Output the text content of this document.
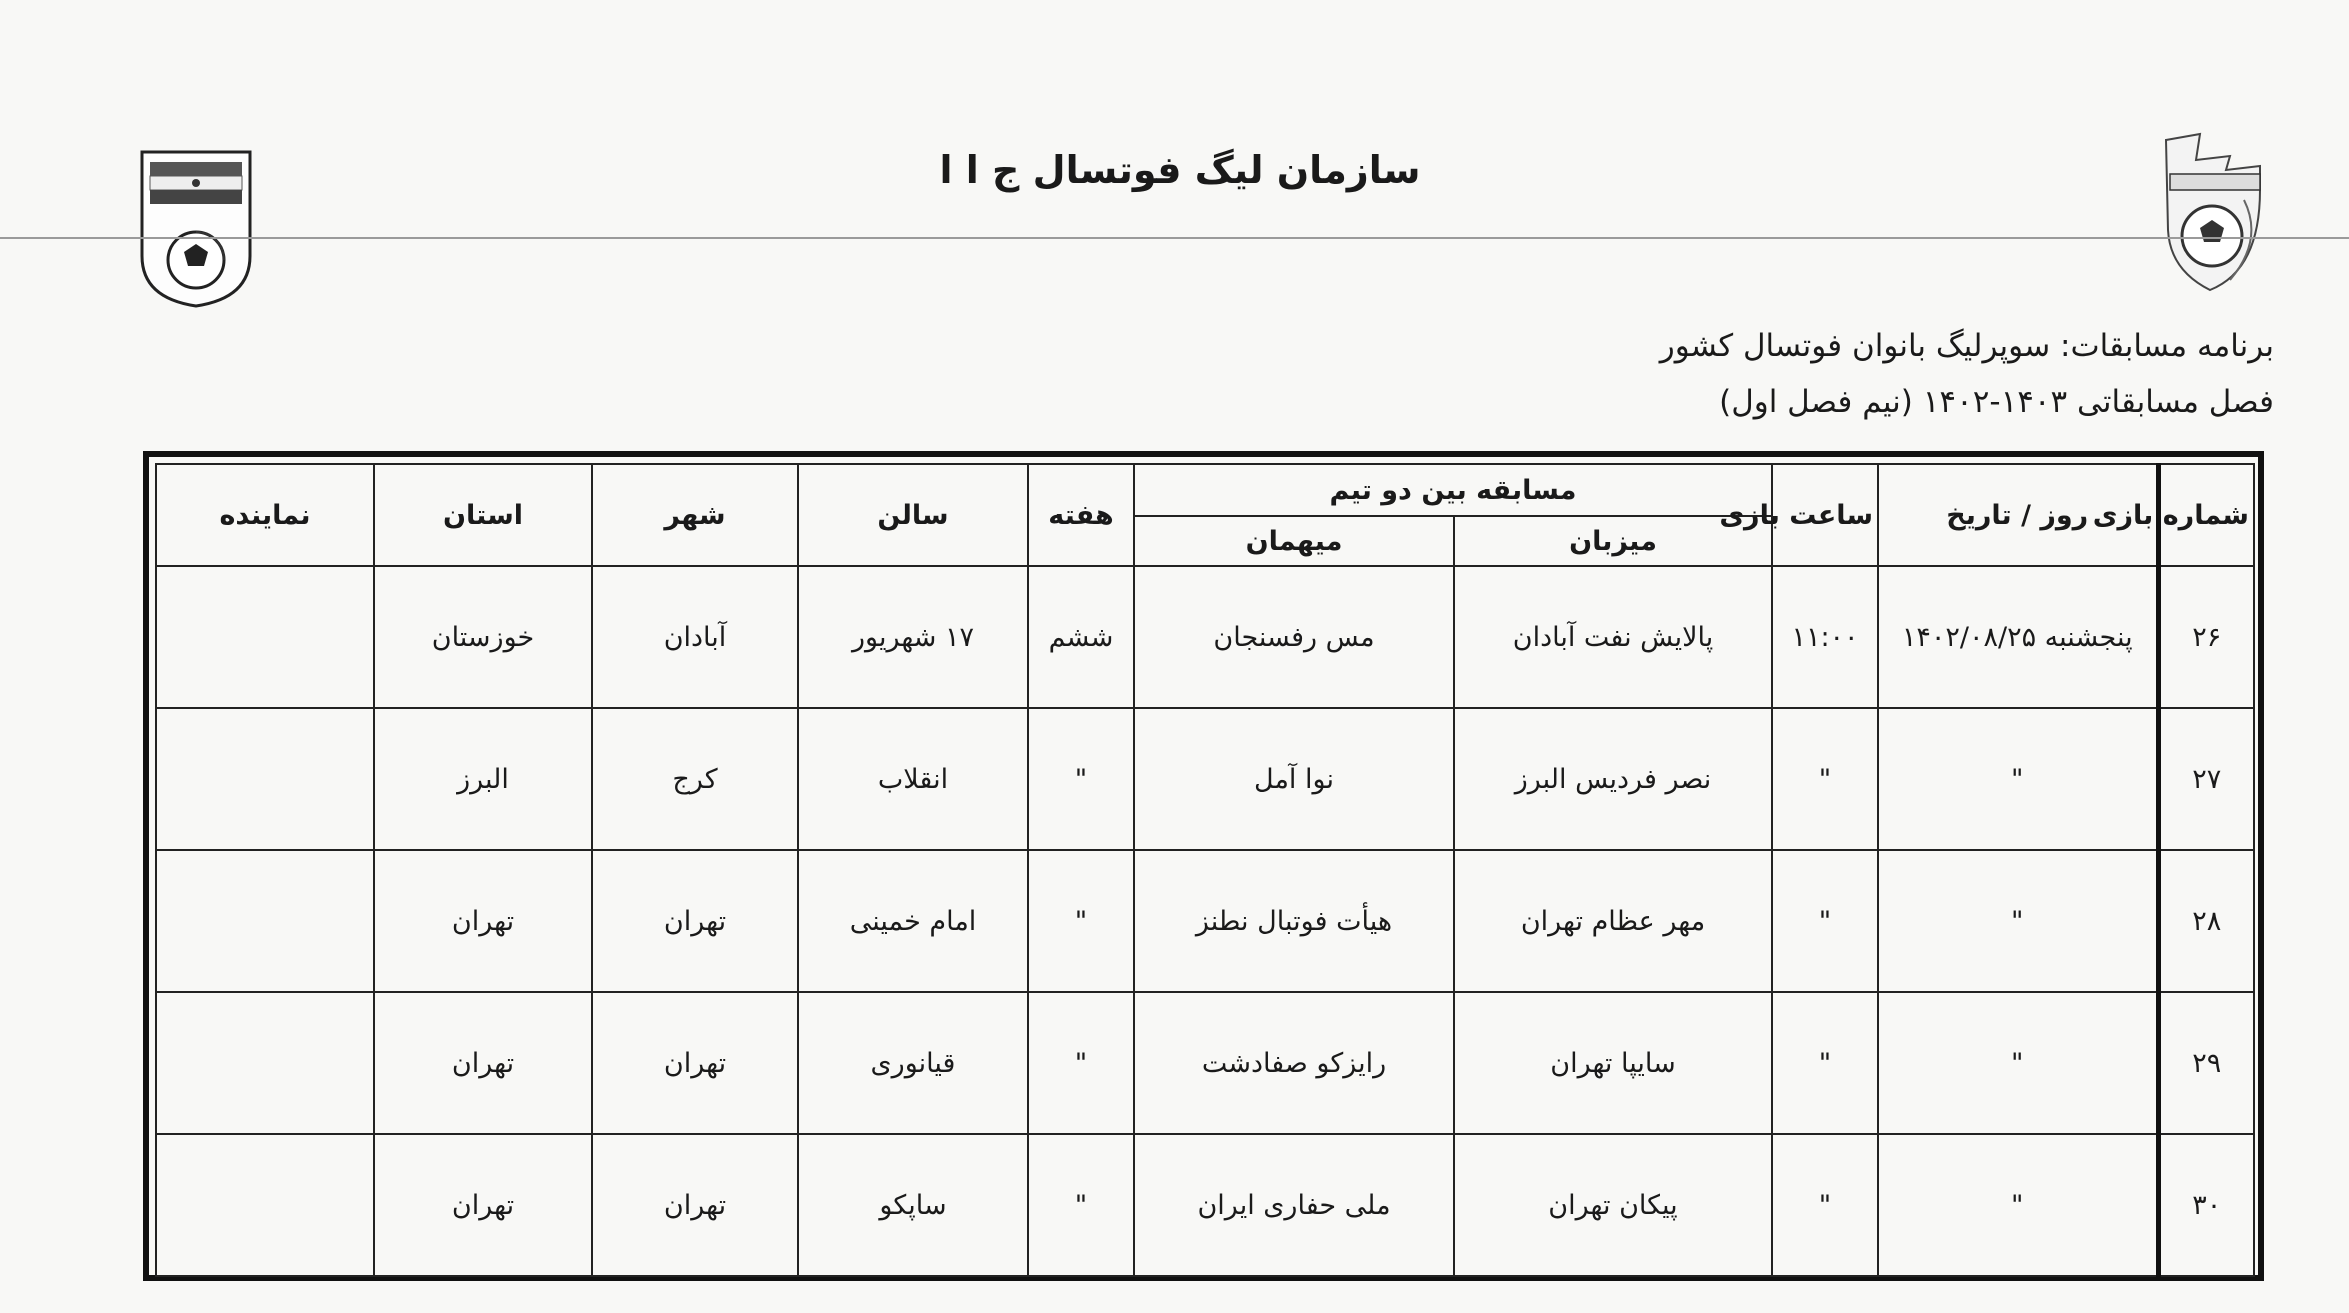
سازمان لیگ فوتسال ج ا ا
برنامه مسابقات: سوپرلیگ بانوان فوتسال کشور
فصل مسابقاتی ۱۴۰۳-۱۴۰۲ (نیم فصل اول)
شماره بازی	روز / تاریخ	ساعت بازی	مسابقه بین دو تیم		هفته	سالن	شهر	استان	نماینده
			میزبان	میهمان					
۲۶	پنجشنبه ۱۴۰۲/۰۸/۲۵	۱۱:۰۰	پالایش نفت آبادان	مس رفسنجان	ششم	۱۷ شهریور	آبادان	خوزستان	
۲۷	"	"	نصر فردیس البرز	نوا آمل	"	انقلاب	کرج	البرز	
۲۸	"	"	مهر عظام تهران	هیأت فوتبال نطنز	"	امام خمینی	تهران	تهران	
۲۹	"	"	سایپا تهران	رایزکو صفادشت	"	قیانوری	تهران	تهران	
۳۰	"	"	پیکان تهران	ملی حفاری ایران	"	ساپکو	تهران	تهران	
